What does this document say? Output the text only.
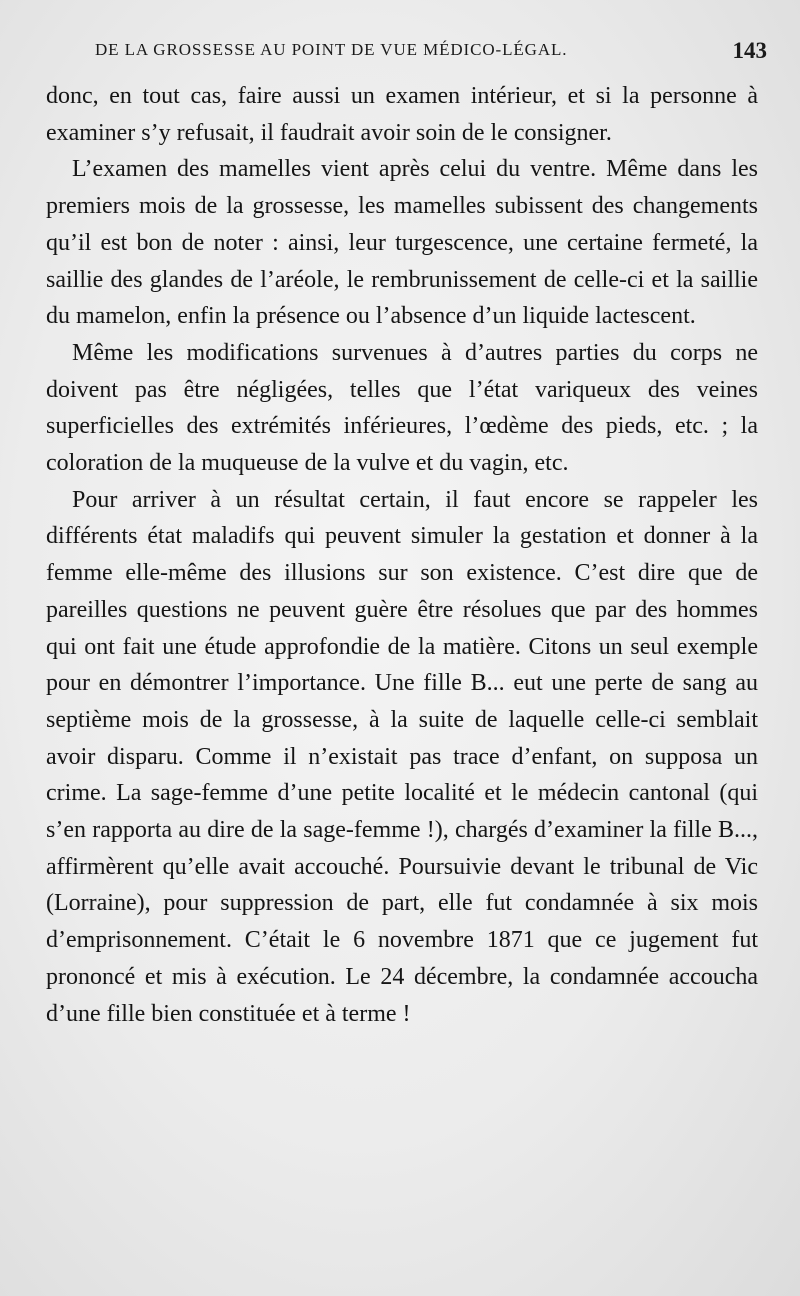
DE LA GROSSESSE AU POINT DE VUE MÉDICO-LÉGAL.	143

donc, en tout cas, faire aussi un examen intérieur, et si la personne à examiner s’y refusait, il faudrait avoir soin de le consigner.

L’examen des mamelles vient après celui du ventre. Même dans les premiers mois de la grossesse, les mamelles subissent des changements qu’il est bon de noter : ainsi, leur turgescence, une certaine fermeté, la saillie des glandes de l’aréole, le rembrunissement de celle-ci et la saillie du mamelon, enfin la présence ou l’absence d’un liquide lactescent.

Même les modifications survenues à d’autres parties du corps ne doivent pas être négligées, telles que l’état variqueux des veines superficielles des extrémités inférieures, l’œdème des pieds, etc. ; la coloration de la muqueuse de la vulve et du vagin, etc.

Pour arriver à un résultat certain, il faut encore se rappeler les différents état maladifs qui peuvent simuler la gestation et donner à la femme elle-même des illusions sur son existence. C’est dire que de pareilles questions ne peuvent guère être résolues que par des hommes qui ont fait une étude approfondie de la matière. Citons un seul exemple pour en démontrer l’importance. Une fille B... eut une perte de sang au septième mois de la grossesse, à la suite de laquelle celle-ci semblait avoir disparu. Comme il n’existait pas trace d’enfant, on supposa un crime. La sage-femme d’une petite localité et le médecin cantonal (qui s’en rapporta au dire de la sage-femme !), chargés d’examiner la fille B..., affirmèrent qu’elle avait accouché. Poursuivie devant le tribunal de Vic (Lorraine), pour suppression de part, elle fut condamnée à six mois d’emprisonnement. C’était le 6 novembre 1871 que ce jugement fut prononcé et mis à exécution. Le 24 décembre, la condamnée accoucha d’une fille bien constituée et à terme !
